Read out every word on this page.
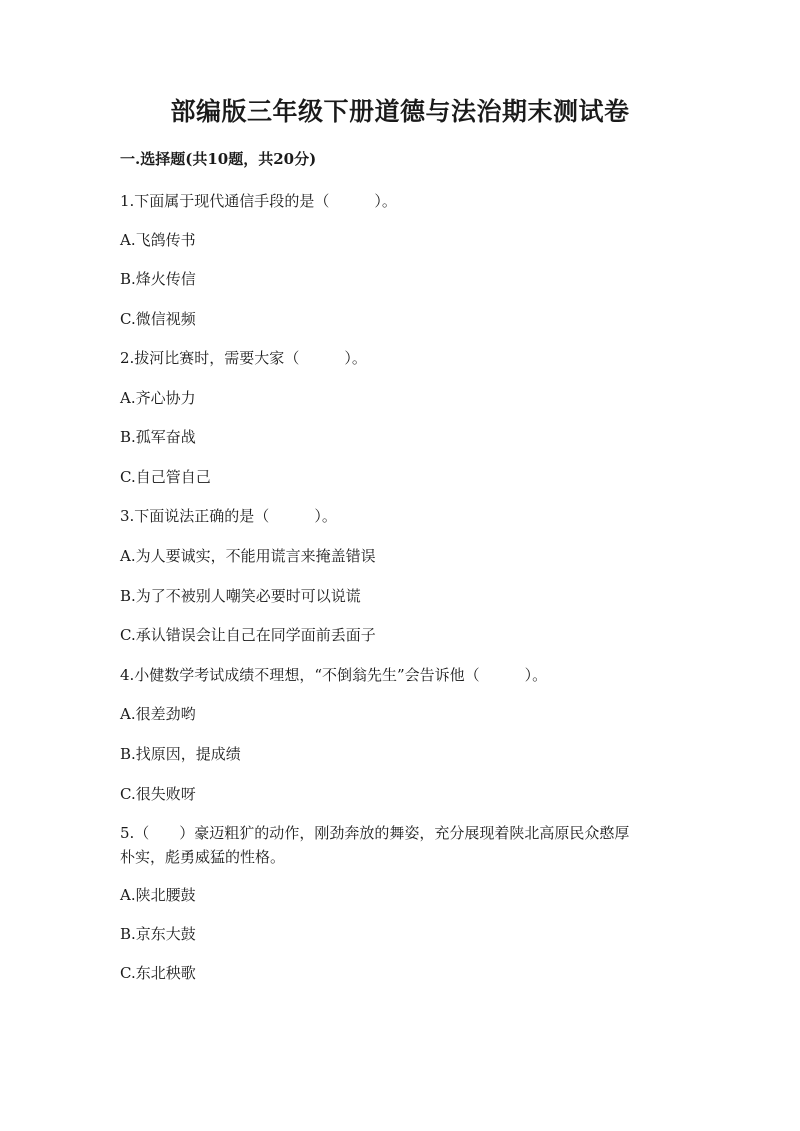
部编版三年级下册道德与法治期末测试卷
一.选择题(共10题，共20分)
1.下面属于现代通信手段的是（　　　）。
A.飞鸽传书
B.烽火传信
C.微信视频
2.拔河比赛时，需要大家（　　　）。
A.齐心协力
B.孤军奋战
C.自己管自己
3.下面说法正确的是（　　　）。
A.为人要诚实，不能用谎言来掩盖错误
B.为了不被别人嘲笑必要时可以说谎
C.承认错误会让自己在同学面前丢面子
4.小健数学考试成绩不理想，“不倒翁先生”会告诉他（　　　）。
A.很差劲哟
B.找原因，提成绩
C.很失败呀
5.（　　）豪迈粗犷的动作，刚劲奔放的舞姿，充分展现着陕北高原民众憨厚
朴实，彪勇威猛的性格。
A.陕北腰鼓
B.京东大鼓
C.东北秧歌
